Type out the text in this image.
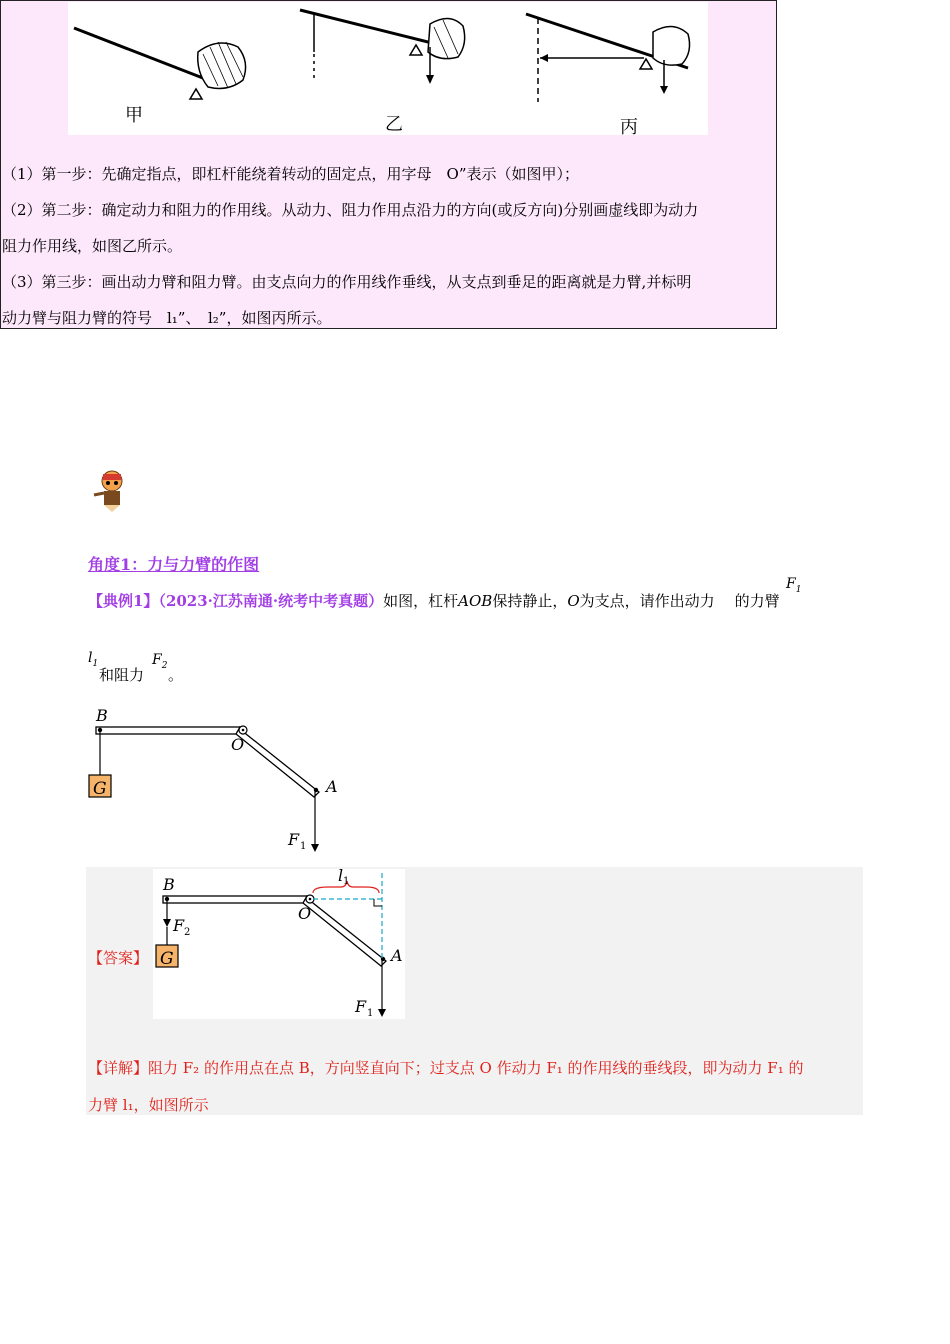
甲	乙	丙
（1）第一步：先确定指点，即杠杆能绕着转动的固定点，用字母　O”表示（如图甲）；
（2）第二步：确定动力和阻力的作用线。从动力、阻力作用点沿力的方向(或反方向)分别画虚线即为动力
阻力作用线，如图乙所示。
（3）第三步：画出动力臂和阻力臂。由支点向力的作用线作垂线，从支点到垂足的距离就是力臂,并标明
动力臂与阻力臂的符号　l₁”、　l₂”，如图丙所示。
角度1：力与力臂的作图
【典例1】（2023·江苏南通·统考中考真题）如图，杠杆AOB保持静止，O为支点，请作出动力 的力臂
$F_1$
$l_1$
和阻力 。
$F_2$
B
O
A
G
F 1
【答案】
B
O
A
G
F 2
F 1
l 1
【详解】阻力 F₂ 的作用点在点 B，方向竖直向下；过支点 O 作动力 F₁ 的作用线的垂线段，即为动力 F₁ 的
力臂 l₁，如图所示
